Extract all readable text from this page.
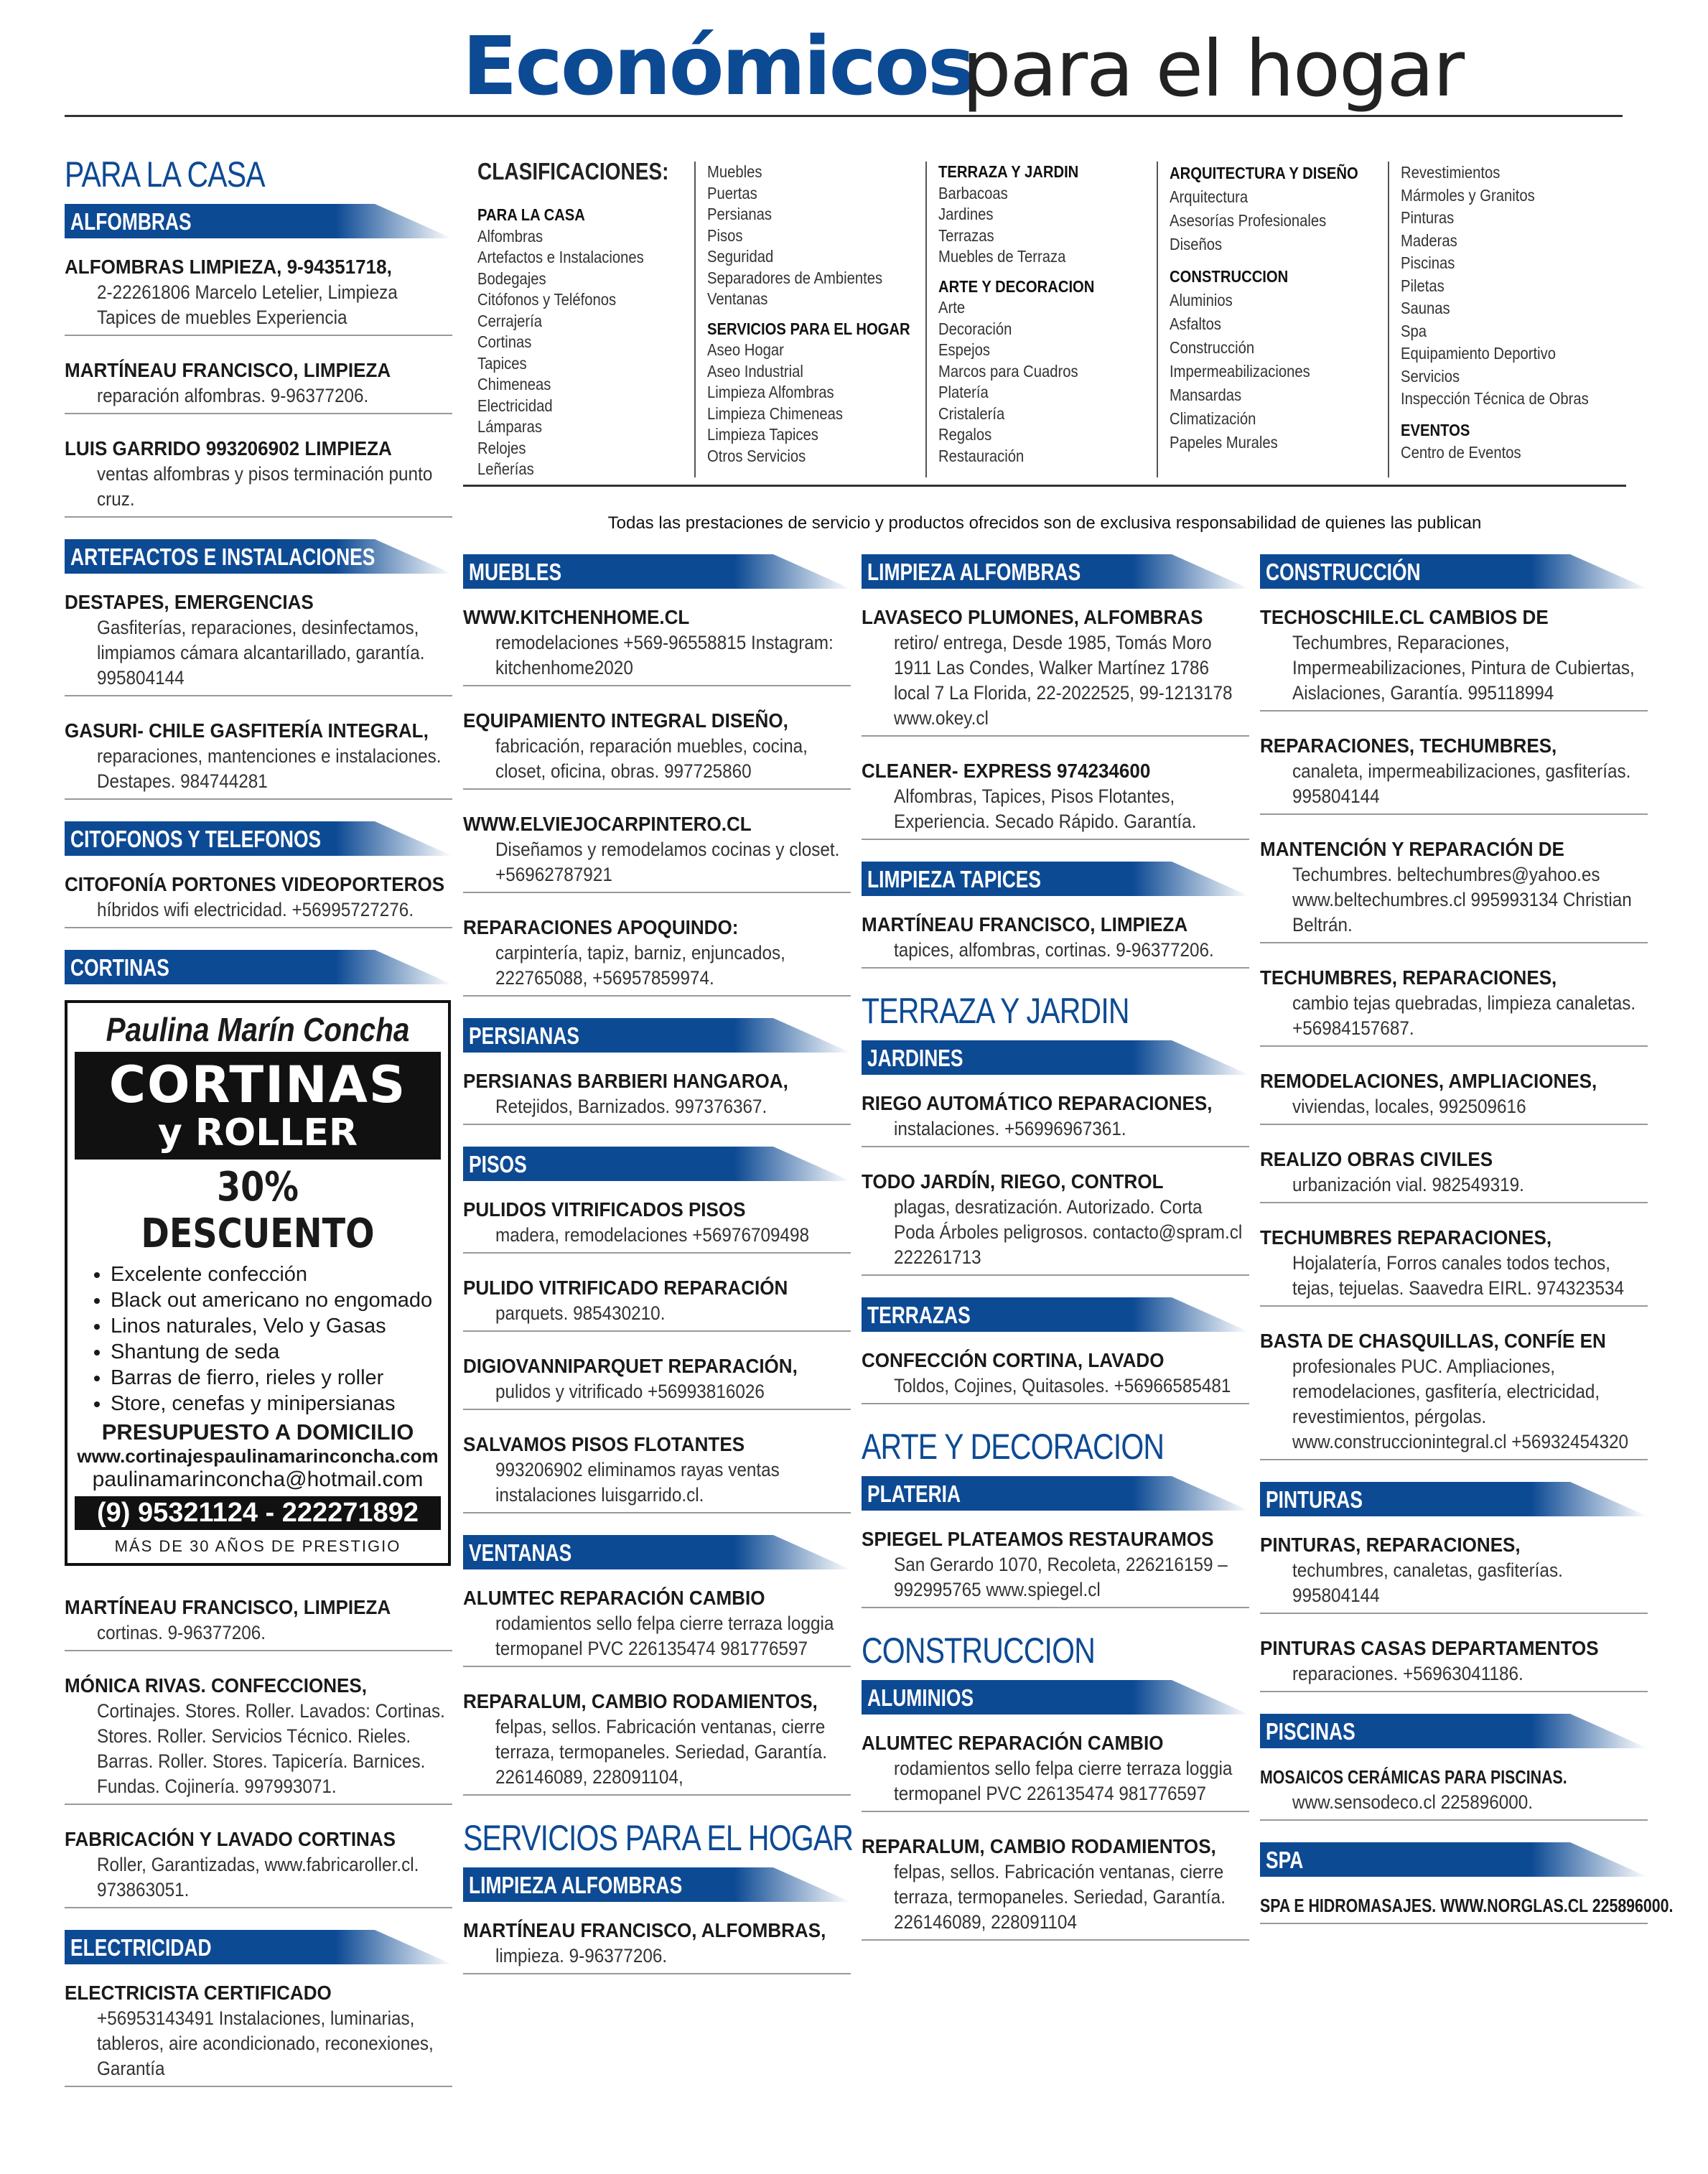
Económicos
para el hogar
CLASIFICACIONES:
PARA LA CASA
Alfombras
Artefactos e Instalaciones
Bodegajes
Citófonos y Teléfonos
Cerrajería
Cortinas
Tapices
Chimeneas
Electricidad
Lámparas
Relojes
Leñerías
Muebles
Puertas
Persianas
Pisos
Seguridad
Separadores de Ambientes
Ventanas
SERVICIOS PARA EL HOGAR
Aseo Hogar
Aseo Industrial
Limpieza Alfombras
Limpieza Chimeneas
Limpieza Tapices
Otros Servicios
TERRAZA Y JARDIN
Barbacoas
Jardines
Terrazas
Muebles de Terraza
ARTE Y DECORACION
Arte
Decoración
Espejos
Marcos para Cuadros
Platería
Cristalería
Regalos
Restauración
ARQUITECTURA Y DISEÑO
Arquitectura
Asesorías Profesionales
Diseños
CONSTRUCCION
Aluminios
Asfaltos
Construcción
Impermeabilizaciones
Mansardas
Climatización
Papeles Murales
Revestimientos
Mármoles y Granitos
Pinturas
Maderas
Piscinas
Piletas
Saunas
Spa
Equipamiento Deportivo
Servicios
Inspección Técnica de Obras
EVENTOS
Centro de Eventos
Todas las prestaciones de servicio y productos ofrecidos son de exclusiva responsabilidad de quienes las publican
PARA LA CASA
ALFOMBRAS
ALFOMBRAS LIMPIEZA, 9-94351718,
2-22261806 Marcelo Letelier, Limpieza Tapices de muebles Experiencia
MARTÍNEAU FRANCISCO, LIMPIEZA
reparación alfombras. 9-96377206.
LUIS GARRIDO 993206902 LIMPIEZA
ventas alfombras y pisos terminación punto cruz.
ARTEFACTOS E INSTALACIONES
DESTAPES, EMERGENCIAS
Gasfiterías, reparaciones, desinfectamos, limpiamos cámara alcantarillado, garantía. 995804144
GASURI- CHILE GASFITERÍA INTEGRAL,
reparaciones, mantenciones e instalaciones. Destapes. 984744281
CITOFONOS Y TELEFONOS
CITOFONÍA PORTONES VIDEOPORTEROS
híbridos wifi electricidad. +56995727276.
CORTINAS
Paulina Marín Concha
CORTINAS
y ROLLER
30% DESCUENTO
• Excelente confección
• Black out americano no engomado
• Linos naturales, Velo y Gasas
• Shantung de seda
• Barras de fierro, rieles y roller
• Store, cenefas y minipersianas
PRESUPUESTO A DOMICILIO
www.cortinajespaulinamarinconcha.com
paulinamarinconcha@hotmail.com
(9) 95321124 - 222271892
MÁS DE 30 AÑOS DE PRESTIGIO
MARTÍNEAU FRANCISCO, LIMPIEZA
cortinas. 9-96377206.
MÓNICA RIVAS. CONFECCIONES,
Cortinajes. Stores. Roller. Lavados: Cortinas. Stores. Roller. Servicios Técnico. Rieles. Barras. Roller. Stores. Tapicería. Barnices. Fundas. Cojinería. 997993071.
FABRICACIÓN Y LAVADO CORTINAS
Roller, Garantizadas, www.fabricaroller.cl. 973863051.
ELECTRICIDAD
ELECTRICISTA CERTIFICADO
+56953143491 Instalaciones, luminarias, tableros, aire acondicionado, reconexiones, Garantía
MUEBLES
WWW.KITCHENHOME.CL
remodelaciones +569-96558815 Instagram: kitchenhome2020
EQUIPAMIENTO INTEGRAL DISEÑO,
fabricación, reparación muebles, cocina, closet, oficina, obras. 997725860
WWW.ELVIEJOCARPINTERO.CL
Diseñamos y remodelamos cocinas y closet. +56962787921
REPARACIONES APOQUINDO:
carpintería, tapiz, barniz, enjuncados, 222765088, +56957859974.
PERSIANAS
PERSIANAS BARBIERI HANGAROA,
Retejidos, Barnizados. 997376367.
PISOS
PULIDOS VITRIFICADOS PISOS
madera, remodelaciones +56976709498
PULIDO VITRIFICADO REPARACIÓN
parquets. 985430210.
DIGIOVANNIPARQUET REPARACIÓN,
pulidos y vitrificado +56993816026
SALVAMOS PISOS FLOTANTES
993206902 eliminamos rayas ventas instalaciones luisgarrido.cl.
VENTANAS
ALUMTEC REPARACIÓN CAMBIO
rodamientos sello felpa cierre terraza loggia termopanel PVC 226135474 981776597
REPARALUM, CAMBIO RODAMIENTOS,
felpas, sellos. Fabricación ventanas, cierre terraza, termopaneles. Seriedad, Garantía. 226146089, 228091104,
SERVICIOS PARA EL HOGAR
LIMPIEZA ALFOMBRAS
MARTÍNEAU FRANCISCO, ALFOMBRAS,
limpieza. 9-96377206.
LIMPIEZA ALFOMBRAS
LAVASECO PLUMONES, ALFOMBRAS
retiro/ entrega, Desde 1985, Tomás Moro 1911 Las Condes, Walker Martínez 1786 local 7 La Florida, 22-2022525, 99-1213178 www.okey.cl
CLEANER- EXPRESS 974234600
Alfombras, Tapices, Pisos Flotantes, Experiencia. Secado Rápido. Garantía.
LIMPIEZA TAPICES
MARTÍNEAU FRANCISCO, LIMPIEZA
tapices, alfombras, cortinas. 9-96377206.
TERRAZA Y JARDIN
JARDINES
RIEGO AUTOMÁTICO REPARACIONES,
instalaciones. +56996967361.
TODO JARDÍN, RIEGO, CONTROL
plagas, desratización. Autorizado. Corta Poda Árboles peligrosos. contacto@spram.cl 222261713
TERRAZAS
CONFECCIÓN CORTINA, LAVADO
Toldos, Cojines, Quitasoles. +56966585481
ARTE Y DECORACION
PLATERIA
SPIEGEL PLATEAMOS RESTAURAMOS
San Gerardo 1070, Recoleta, 226216159 – 992995765 www.spiegel.cl
CONSTRUCCION
ALUMINIOS
ALUMTEC REPARACIÓN CAMBIO
rodamientos sello felpa cierre terraza loggia termopanel PVC 226135474 981776597
REPARALUM, CAMBIO RODAMIENTOS,
felpas, sellos. Fabricación ventanas, cierre terraza, termopaneles. Seriedad, Garantía. 226146089, 228091104
CONSTRUCCIÓN
TECHOSCHILE.CL CAMBIOS DE
Techumbres, Reparaciones, Impermeabilizaciones, Pintura de Cubiertas, Aislaciones, Garantía. 995118994
REPARACIONES, TECHUMBRES,
canaleta, impermeabilizaciones, gasfiterías. 995804144
MANTENCIÓN Y REPARACIÓN DE
Techumbres. beltechumbres@yahoo.es www.beltechumbres.cl 995993134 Christian Beltrán.
TECHUMBRES, REPARACIONES,
cambio tejas quebradas, limpieza canaletas. +56984157687.
REMODELACIONES, AMPLIACIONES,
viviendas, locales, 992509616
REALIZO OBRAS CIVILES
urbanización vial. 982549319.
TECHUMBRES REPARACIONES,
Hojalatería, Forros canales todos techos, tejas, tejuelas. Saavedra EIRL. 974323534
BASTA DE CHASQUILLAS, CONFÍE EN
profesionales PUC. Ampliaciones, remodelaciones, gasfitería, electricidad, revestimientos, pérgolas. www.construccionintegral.cl +56932454320
PINTURAS
PINTURAS, REPARACIONES,
techumbres, canaletas, gasfiterías. 995804144
PINTURAS CASAS DEPARTAMENTOS
reparaciones. +56963041186.
PISCINAS
MOSAICOS CERÁMICAS PARA PISCINAS.
www.sensodeco.cl 225896000.
SPA
SPA E HIDROMASAJES. WWW.NORGLAS.CL 225896000.
